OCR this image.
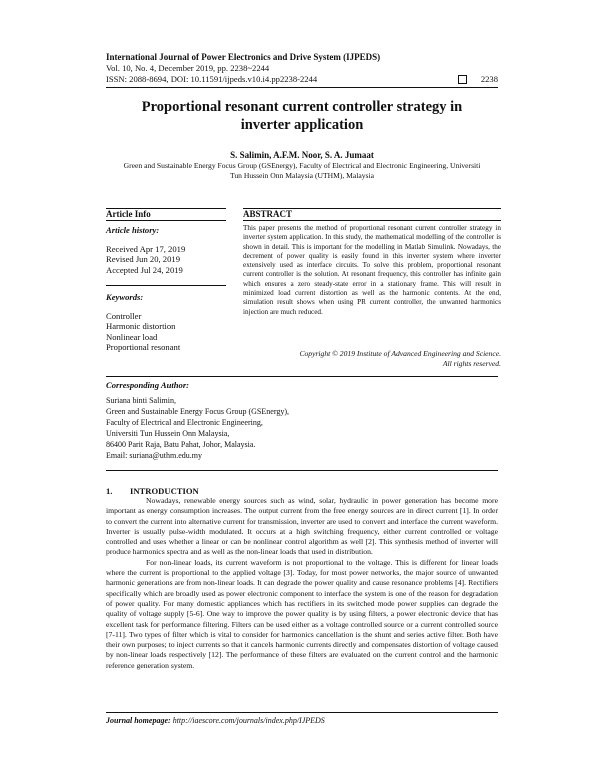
International Journal of Power Electronics and Drive System (IJPEDS)
Vol. 10, No. 4, December 2019, pp. 2238~2244
ISSN: 2088-8694, DOI: 10.11591/ijpeds.v10.i4.pp2238-2244	2238
Proportional resonant current controller strategy in
inverter application
S. Salimin, A.F.M. Noor, S. A. Jumaat
Green and Sustainable Energy Focus Group (GSEnergy), Faculty of Electrical and Electronic Engineering, Universiti
Tun Hussein Onn Malaysia (UTHM), Malaysia
Article Info	ABSTRACT
Article history:
Received Apr 17, 2019
Revised Jun 20, 2019
Accepted Jul 24, 2019
Keywords:
Controller
Harmonic distortion
Nonlinear load
Proportional resonant
This paper presents the method of proportional resonant current controller strategy in inverter system application. In this study, the mathematical modelling of the controller is shown in detail. This is important for the modelling in Matlab Simulink. Nowadays, the decrement of power quality is easily found in this inverter system where inverter extensively used as interface circuits. To solve this problem, proportional resonant current controller is the solution. At resonant frequency, this controller has infinite gain which ensures a zero steady-state error in a stationary frame. This will result in minimized load current distortion as well as the harmonic contents. At the end, simulation result shows when using PR current controller, the unwanted harmonics injection are much reduced.
Copyright © 2019 Institute of Advanced Engineering and Science.
All rights reserved.
Corresponding Author:
Suriana binti Salimin,
Green and Sustainable Energy Focus Group (GSEnergy),
Faculty of Electrical and Electronic Engineering,
Universiti Tun Hussein Onn Malaysia,
86400 Parit Raja, Batu Pahat, Johor, Malaysia.
Email: suriana@uthm.edu.my
1. INTRODUCTION

Nowadays, renewable energy sources such as wind, solar, hydraulic in power generation has become more important as energy consumption increases. The output current from the free energy sources are in direct current [1]. In order to convert the current into alternative current for transmission, inverter are used to convert and interface the current waveform. Inverter is usually pulse-width modulated. It occurs at a high switching frequency, either current controlled or voltage controlled and uses whether a linear or can be nonlinear control algorithm as well [2]. This synthesis method of inverter will produce harmonics spectra and as well as the non-linear loads that used in distribution.

For non-linear loads, its current waveform is not proportional to the voltage. This is different for linear loads where the current is proportional to the applied voltage [3]. Today, for most power networks, the major source of unwanted harmonic generations are from non-linear loads. It can degrade the power quality and cause resonance problems [4]. Rectifiers specifically which are broadly used as power electronic component to interface the system is one of the reason for degradation of power quality. For many domestic appliances which has rectifiers in its switched mode power supplies can degrade the quality of voltage supply [5-6]. One way to improve the power quality is by using filters, a power electronic device that has excellent task for performance filtering. Filters can be used either as a voltage controlled source or a current controlled source [7-11]. Two types of filter which is vital to consider for harmonics cancellation is the shunt and series active filter. Both have their own purposes; to inject currents so that it cancels harmonic currents directly and compensates distortion of voltage caused by non-linear loads respectively [12]. The performance of these filters are evaluated on the current control and the harmonic reference generation system.

Journal homepage: http://iaescore.com/journals/index.php/IJPEDS
